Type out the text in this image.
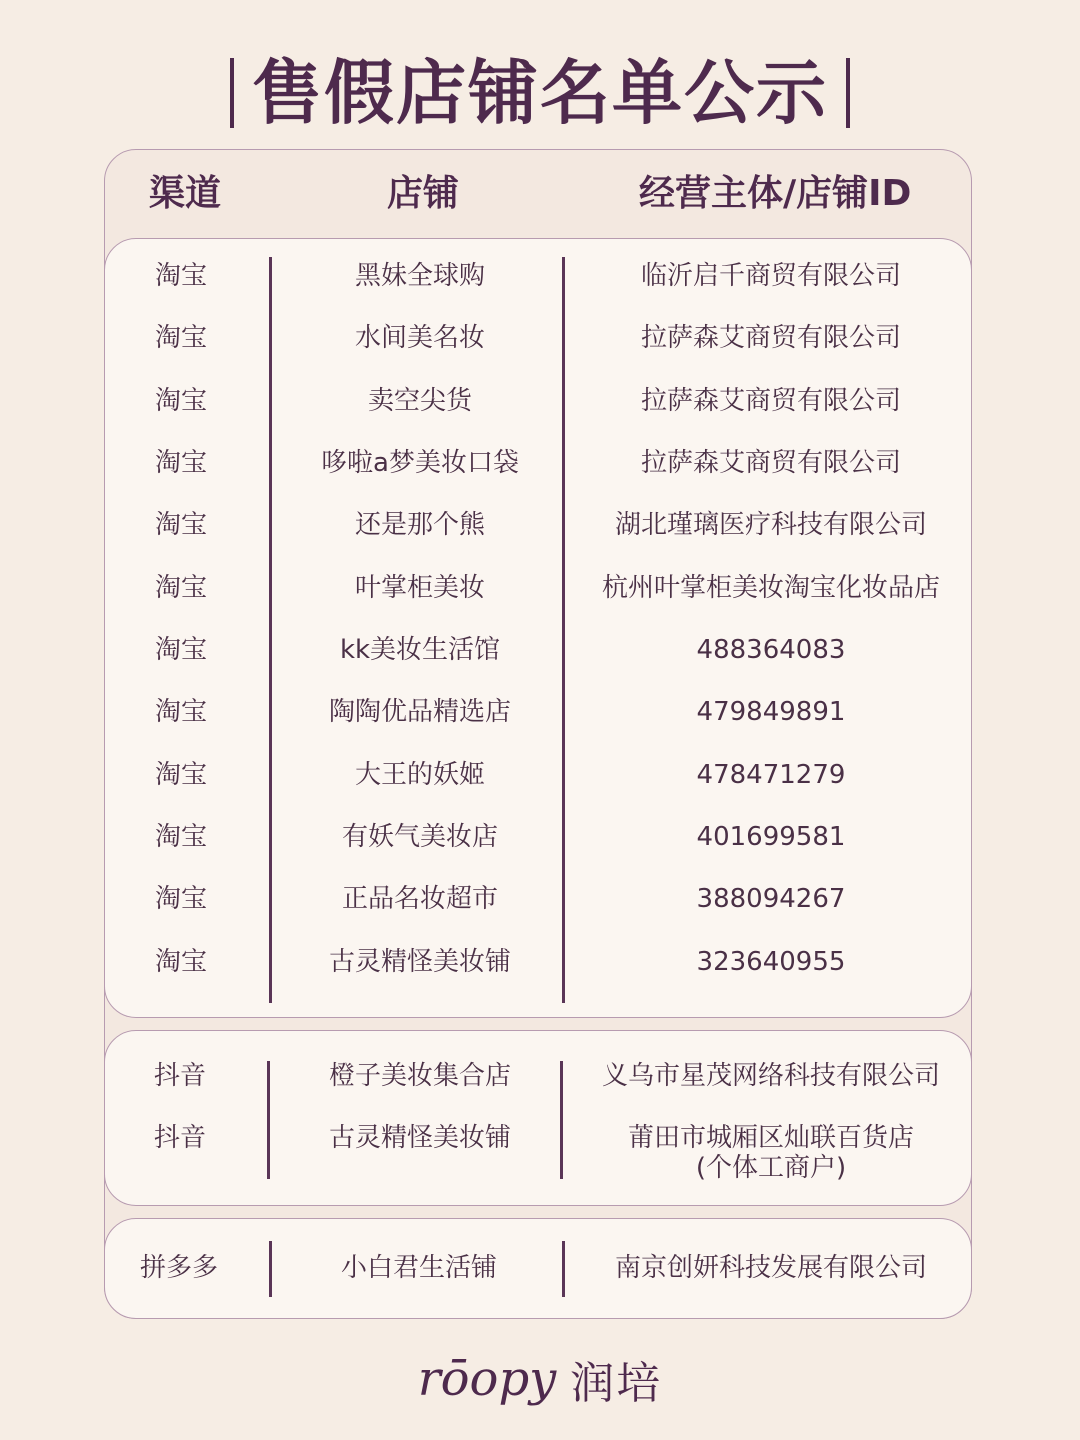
售假店铺名单公示
渠道	店铺	经营主体/店铺ID
淘宝	黑妹全球购	临沂启千商贸有限公司
淘宝	水间美名妆	拉萨森艾商贸有限公司
淘宝	卖空尖货	拉萨森艾商贸有限公司
淘宝	哆啦a梦美妆口袋	拉萨森艾商贸有限公司
淘宝	还是那个熊	湖北瑾璃医疗科技有限公司
淘宝	叶掌柜美妆	杭州叶掌柜美妆淘宝化妆品店
淘宝	kk美妆生活馆	488364083
淘宝	陶陶优品精选店	479849891
淘宝	大王的妖姬	478471279
淘宝	有妖气美妆店	401699581
淘宝	正品名妆超市	388094267
淘宝	古灵精怪美妆铺	323640955
抖音	橙子美妆集合店	义乌市星茂网络科技有限公司
抖音	古灵精怪美妆铺	莆田市城厢区灿联百货店
(个体工商户)
拼多多	小白君生活铺	南京创妍科技发展有限公司
rōopy 润培
